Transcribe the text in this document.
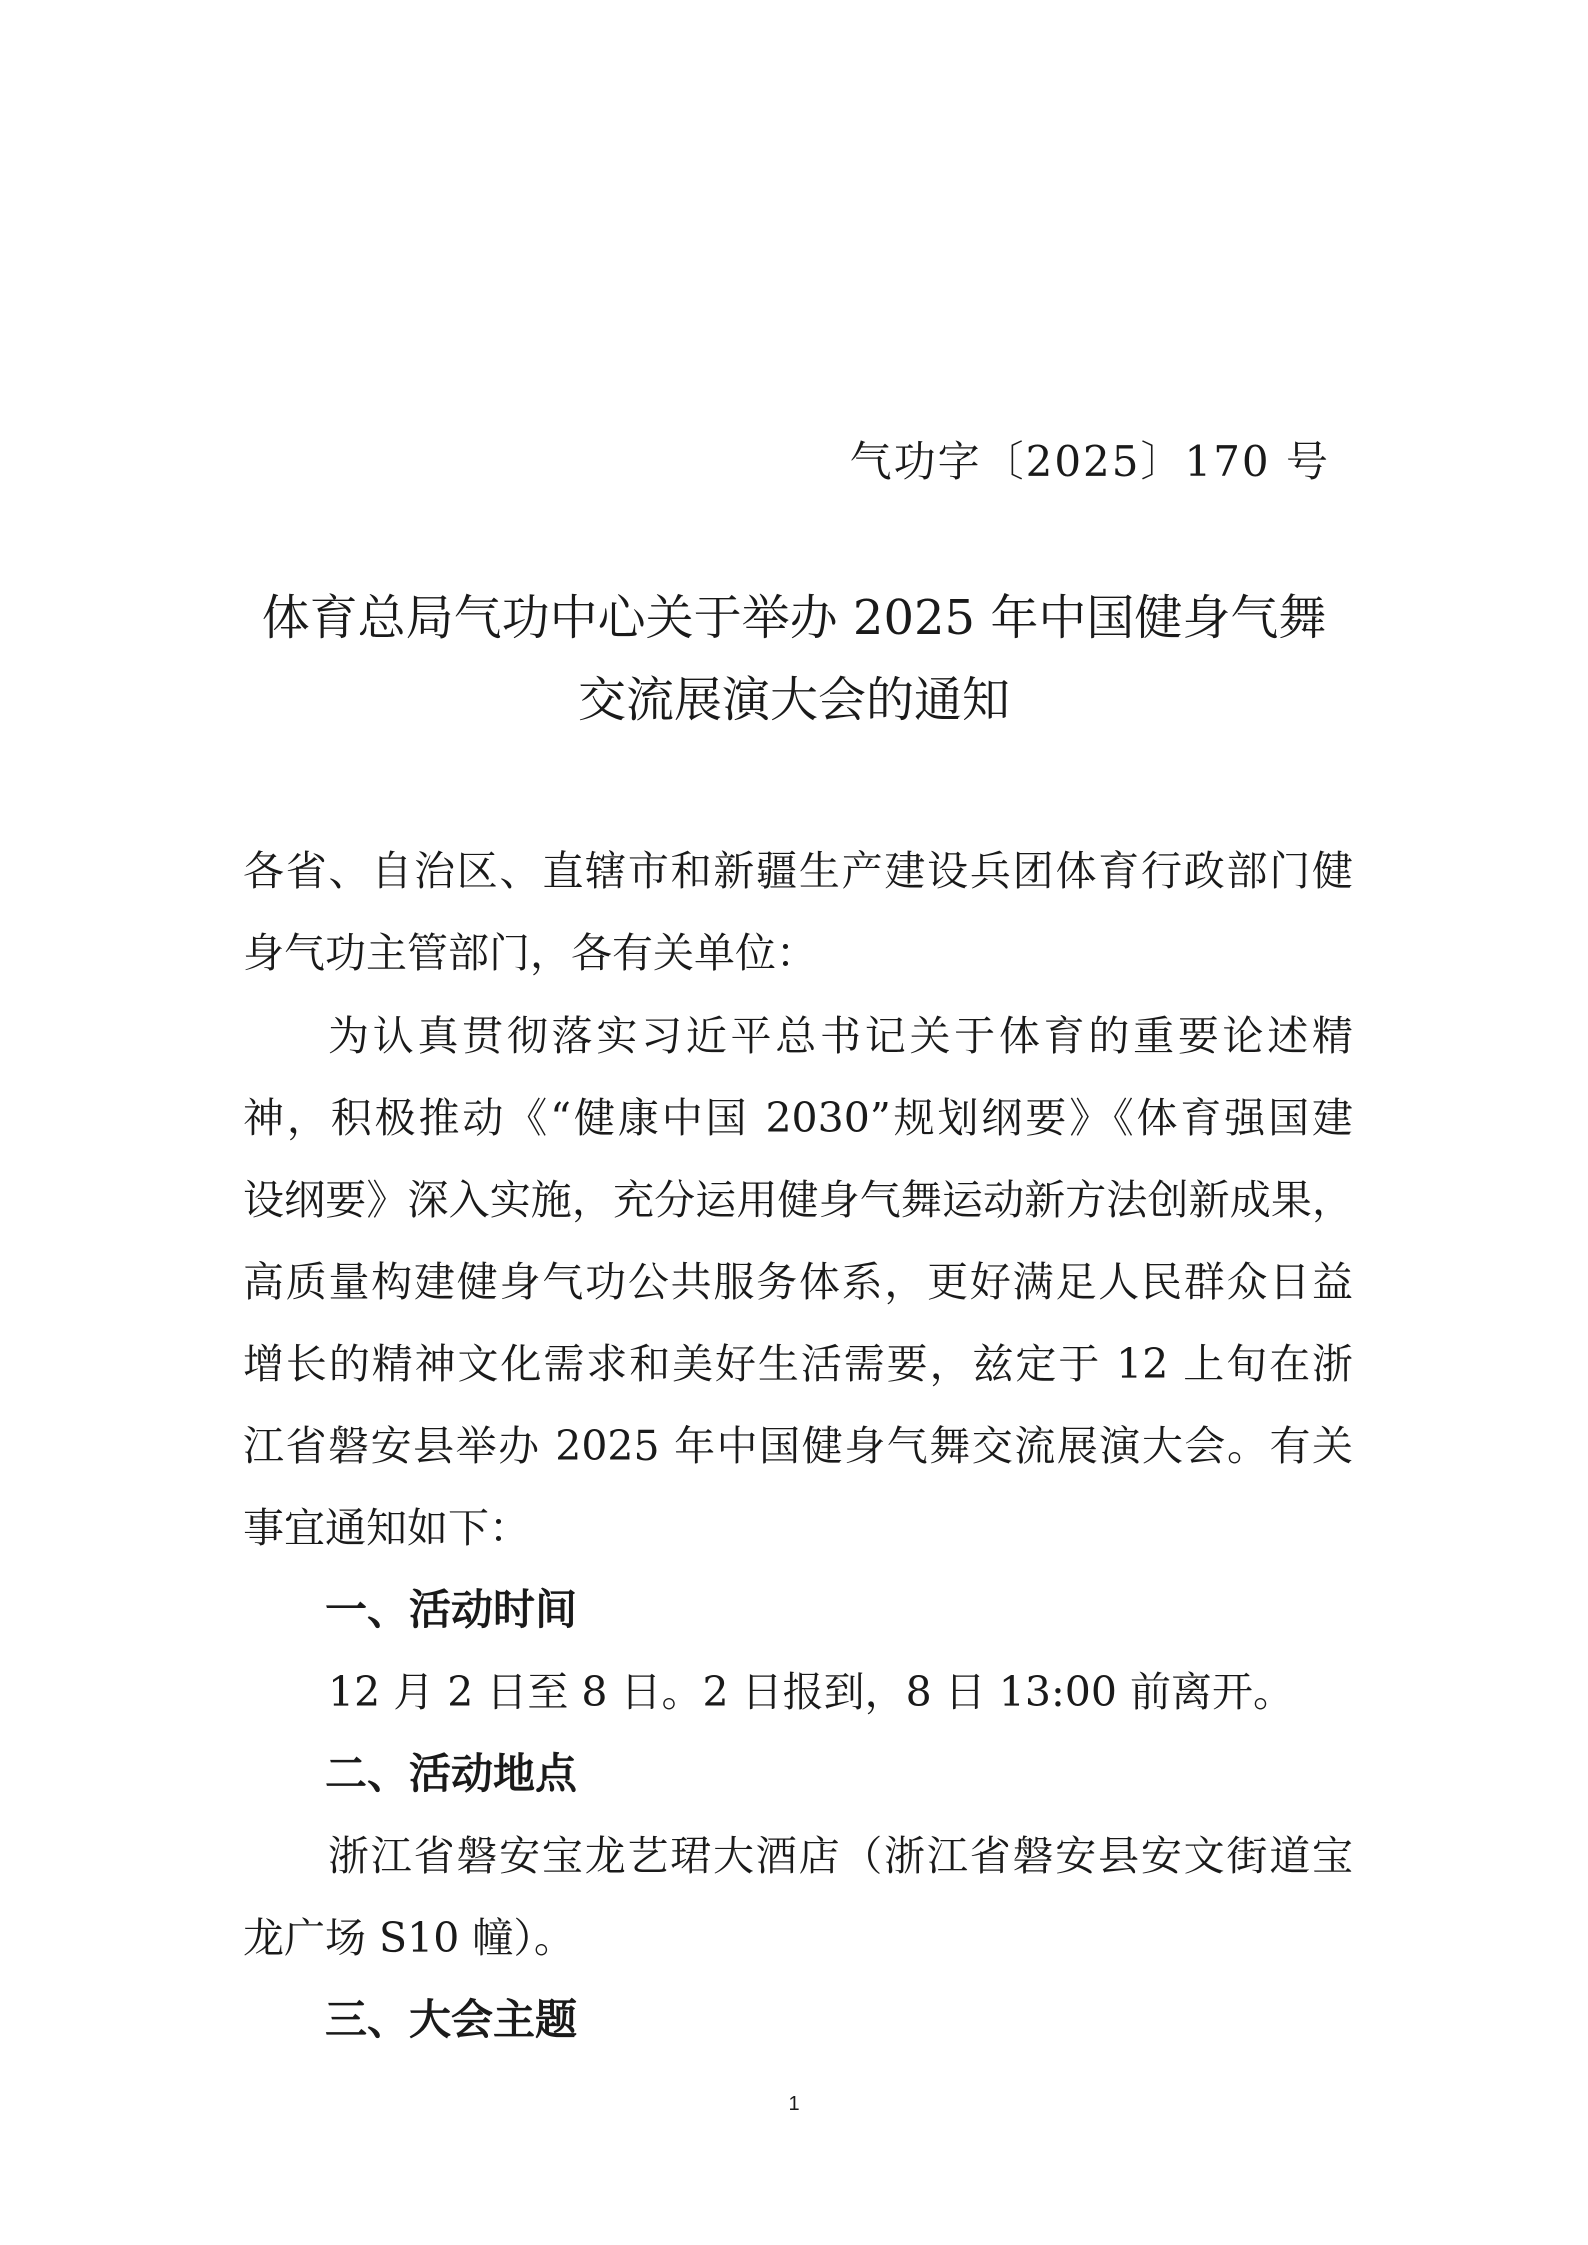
气功字〔2025〕170 号
体育总局气功中心关于举办 2025 年中国健身气舞
交流展演大会的通知
各省、自治区、直辖市和新疆生产建设兵团体育行政部门健
身气功主管部门，各有关单位：
为认真贯彻落实习近平总书记关于体育的重要论述精
神，积极推动《“健康中国 2030”规划纲要》《体育强国建
设纲要》深入实施，充分运用健身气舞运动新方法创新成果，
高质量构建健身气功公共服务体系，更好满足人民群众日益
增长的精神文化需求和美好生活需要，兹定于 12 上旬在浙
江省磐安县举办 2025 年中国健身气舞交流展演大会。有关
事宜通知如下：
一、活动时间
12 月 2 日至 8 日。2 日报到，8 日 13:00 前离开。
二、活动地点
浙江省磐安宝龙艺珺大酒店（浙江省磐安县安文街道宝
龙广场 S10 幢）。
三、大会主题
1
